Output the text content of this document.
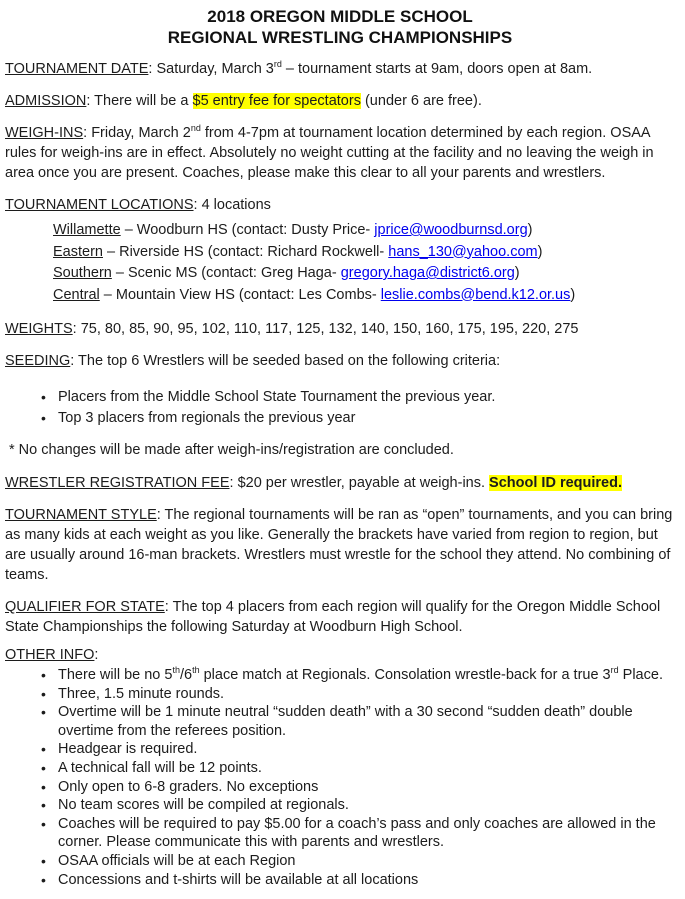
2018 OREGON MIDDLE SCHOOL
REGIONAL WRESTLING CHAMPIONSHIPS

TOURNAMENT DATE: Saturday, March 3rd – tournament starts at 9am, doors open at 8am.

ADMISSION: There will be a $5 entry fee for spectators (under 6 are free).

WEIGH-INS: Friday, March 2nd from 4-7pm at tournament location determined by each region. OSAA rules for weigh-ins are in effect. Absolutely no weight cutting at the facility and no leaving the weigh in area once you are present. Coaches, please make this clear to all your parents and wrestlers.

TOURNAMENT LOCATIONS: 4 locations

Willamette – Woodburn HS (contact: Dusty Price- jprice@woodburnsd.org)
Eastern – Riverside HS (contact: Richard Rockwell- hans_130@yahoo.com)
Southern – Scenic MS (contact: Greg Haga- gregory.haga@district6.org)
Central – Mountain View HS (contact: Les Combs- leslie.combs@bend.k12.or.us)

WEIGHTS: 75, 80, 85, 90, 95, 102, 110, 117, 125, 132, 140, 150, 160, 175, 195, 220, 275

SEEDING: The top 6 Wrestlers will be seeded based on the following criteria:

• Placers from the Middle School State Tournament the previous year.
• Top 3 placers from regionals the previous year

* No changes will be made after weigh-ins/registration are concluded.

WRESTLER REGISTRATION FEE: $20 per wrestler, payable at weigh-ins. School ID required.

TOURNAMENT STYLE: The regional tournaments will be ran as “open” tournaments, and you can bring as many kids at each weight as you like. Generally the brackets have varied from region to region, but are usually around 16-man brackets. Wrestlers must wrestle for the school they attend. No combining of teams.

QUALIFIER FOR STATE: The top 4 placers from each region will qualify for the Oregon Middle School State Championships the following Saturday at Woodburn High School.

OTHER INFO:

• There will be no 5th/6th place match at Regionals. Consolation wrestle-back for a true 3rd Place.
• Three, 1.5 minute rounds.
• Overtime will be 1 minute neutral “sudden death” with a 30 second “sudden death” double overtime from the referees position.
• Headgear is required.
• A technical fall will be 12 points.
• Only open to 6-8 graders. No exceptions
• No team scores will be compiled at regionals.
• Coaches will be required to pay $5.00 for a coach’s pass and only coaches are allowed in the corner. Please communicate this with parents and wrestlers.
• OSAA officials will be at each Region
• Concessions and t-shirts will be available at all locations
